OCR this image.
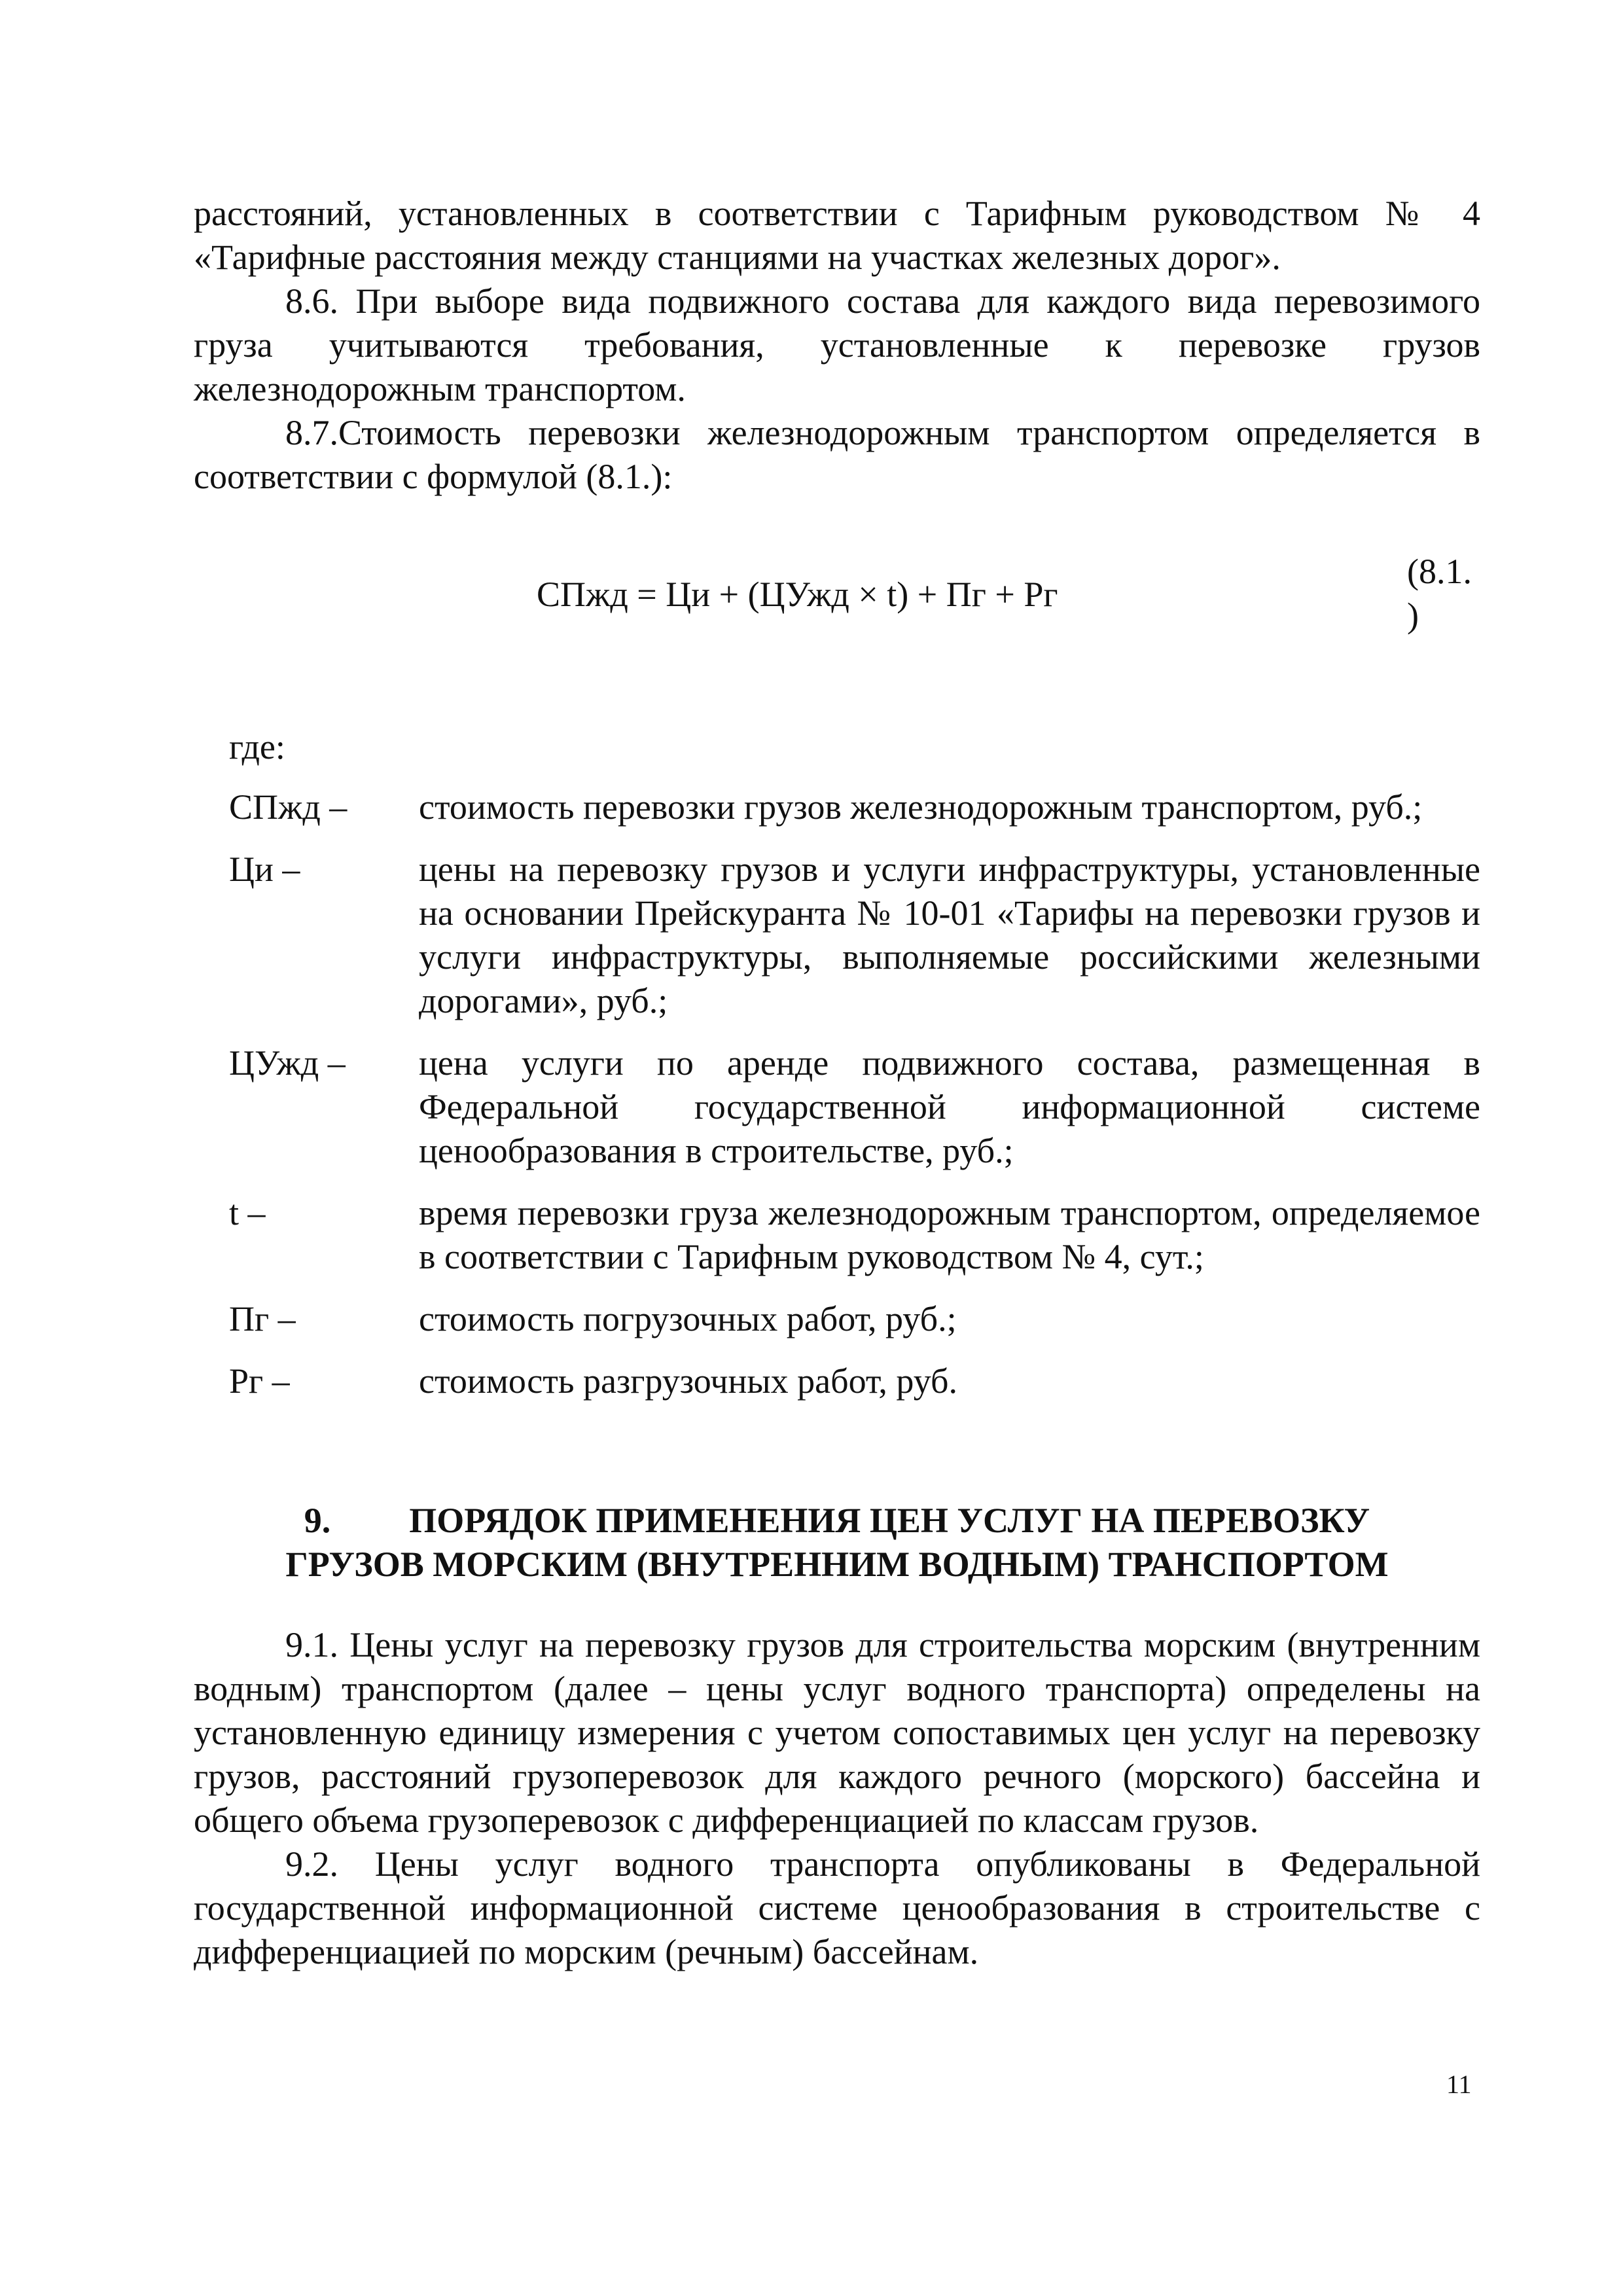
расстояний, установленных в соответствии с Тарифным руководством № 4 «Тарифные расстояния между станциями на участках железных дорог».

8.6. При выборе вида подвижного состава для каждого вида перевозимого груза учитываются требования, установленные к перевозке грузов железнодорожным транспортом.

8.7.Стоимость перевозки железнодорожным транспортом определяется в соответствии с формулой (8.1.):

СПжд = Ци + (ЦУжд × t) + Пг + Рг
(8.1. )
где:
СПжд –	стоимость перевозки грузов железнодорожным транспортом, руб.;
Ци –	цены на перевозку грузов и услуги инфраструктуры, установленные на основании Прейскуранта № 10-01 «Тарифы на перевозки грузов и услуги инфраструктуры, выполняемые российскими железными дорогами», руб.;
ЦУжд –	цена услуги по аренде подвижного состава, размещенная в Федеральной государственной информационной системе ценообразования в строительстве, руб.;
t –	время перевозки груза железнодорожным транспортом, определяемое в соответствии с Тарифным руководством № 4, сут.;
Пг –	стоимость погрузочных работ, руб.;
Рг –	стоимость разгрузочных работ, руб.
9. ПОРЯДОК ПРИМЕНЕНИЯ ЦЕН УСЛУГ НА ПЕРЕВОЗКУ
ГРУЗОВ МОРСКИМ (ВНУТРЕННИМ ВОДНЫМ) ТРАНСПОРТОМ

9.1. Цены услуг на перевозку грузов для строительства морским (внутренним водным) транспортом (далее – цены услуг водного транспорта) определены на установленную единицу измерения с учетом сопоставимых цен услуг на перевозку грузов, расстояний грузоперевозок для каждого речного (морского) бассейна и общего объема грузоперевозок с дифференциацией по классам грузов.

9.2. Цены услуг водного транспорта опубликованы в Федеральной государственной информационной системе ценообразования в строительстве с дифференциацией по морским (речным) бассейнам.

11
